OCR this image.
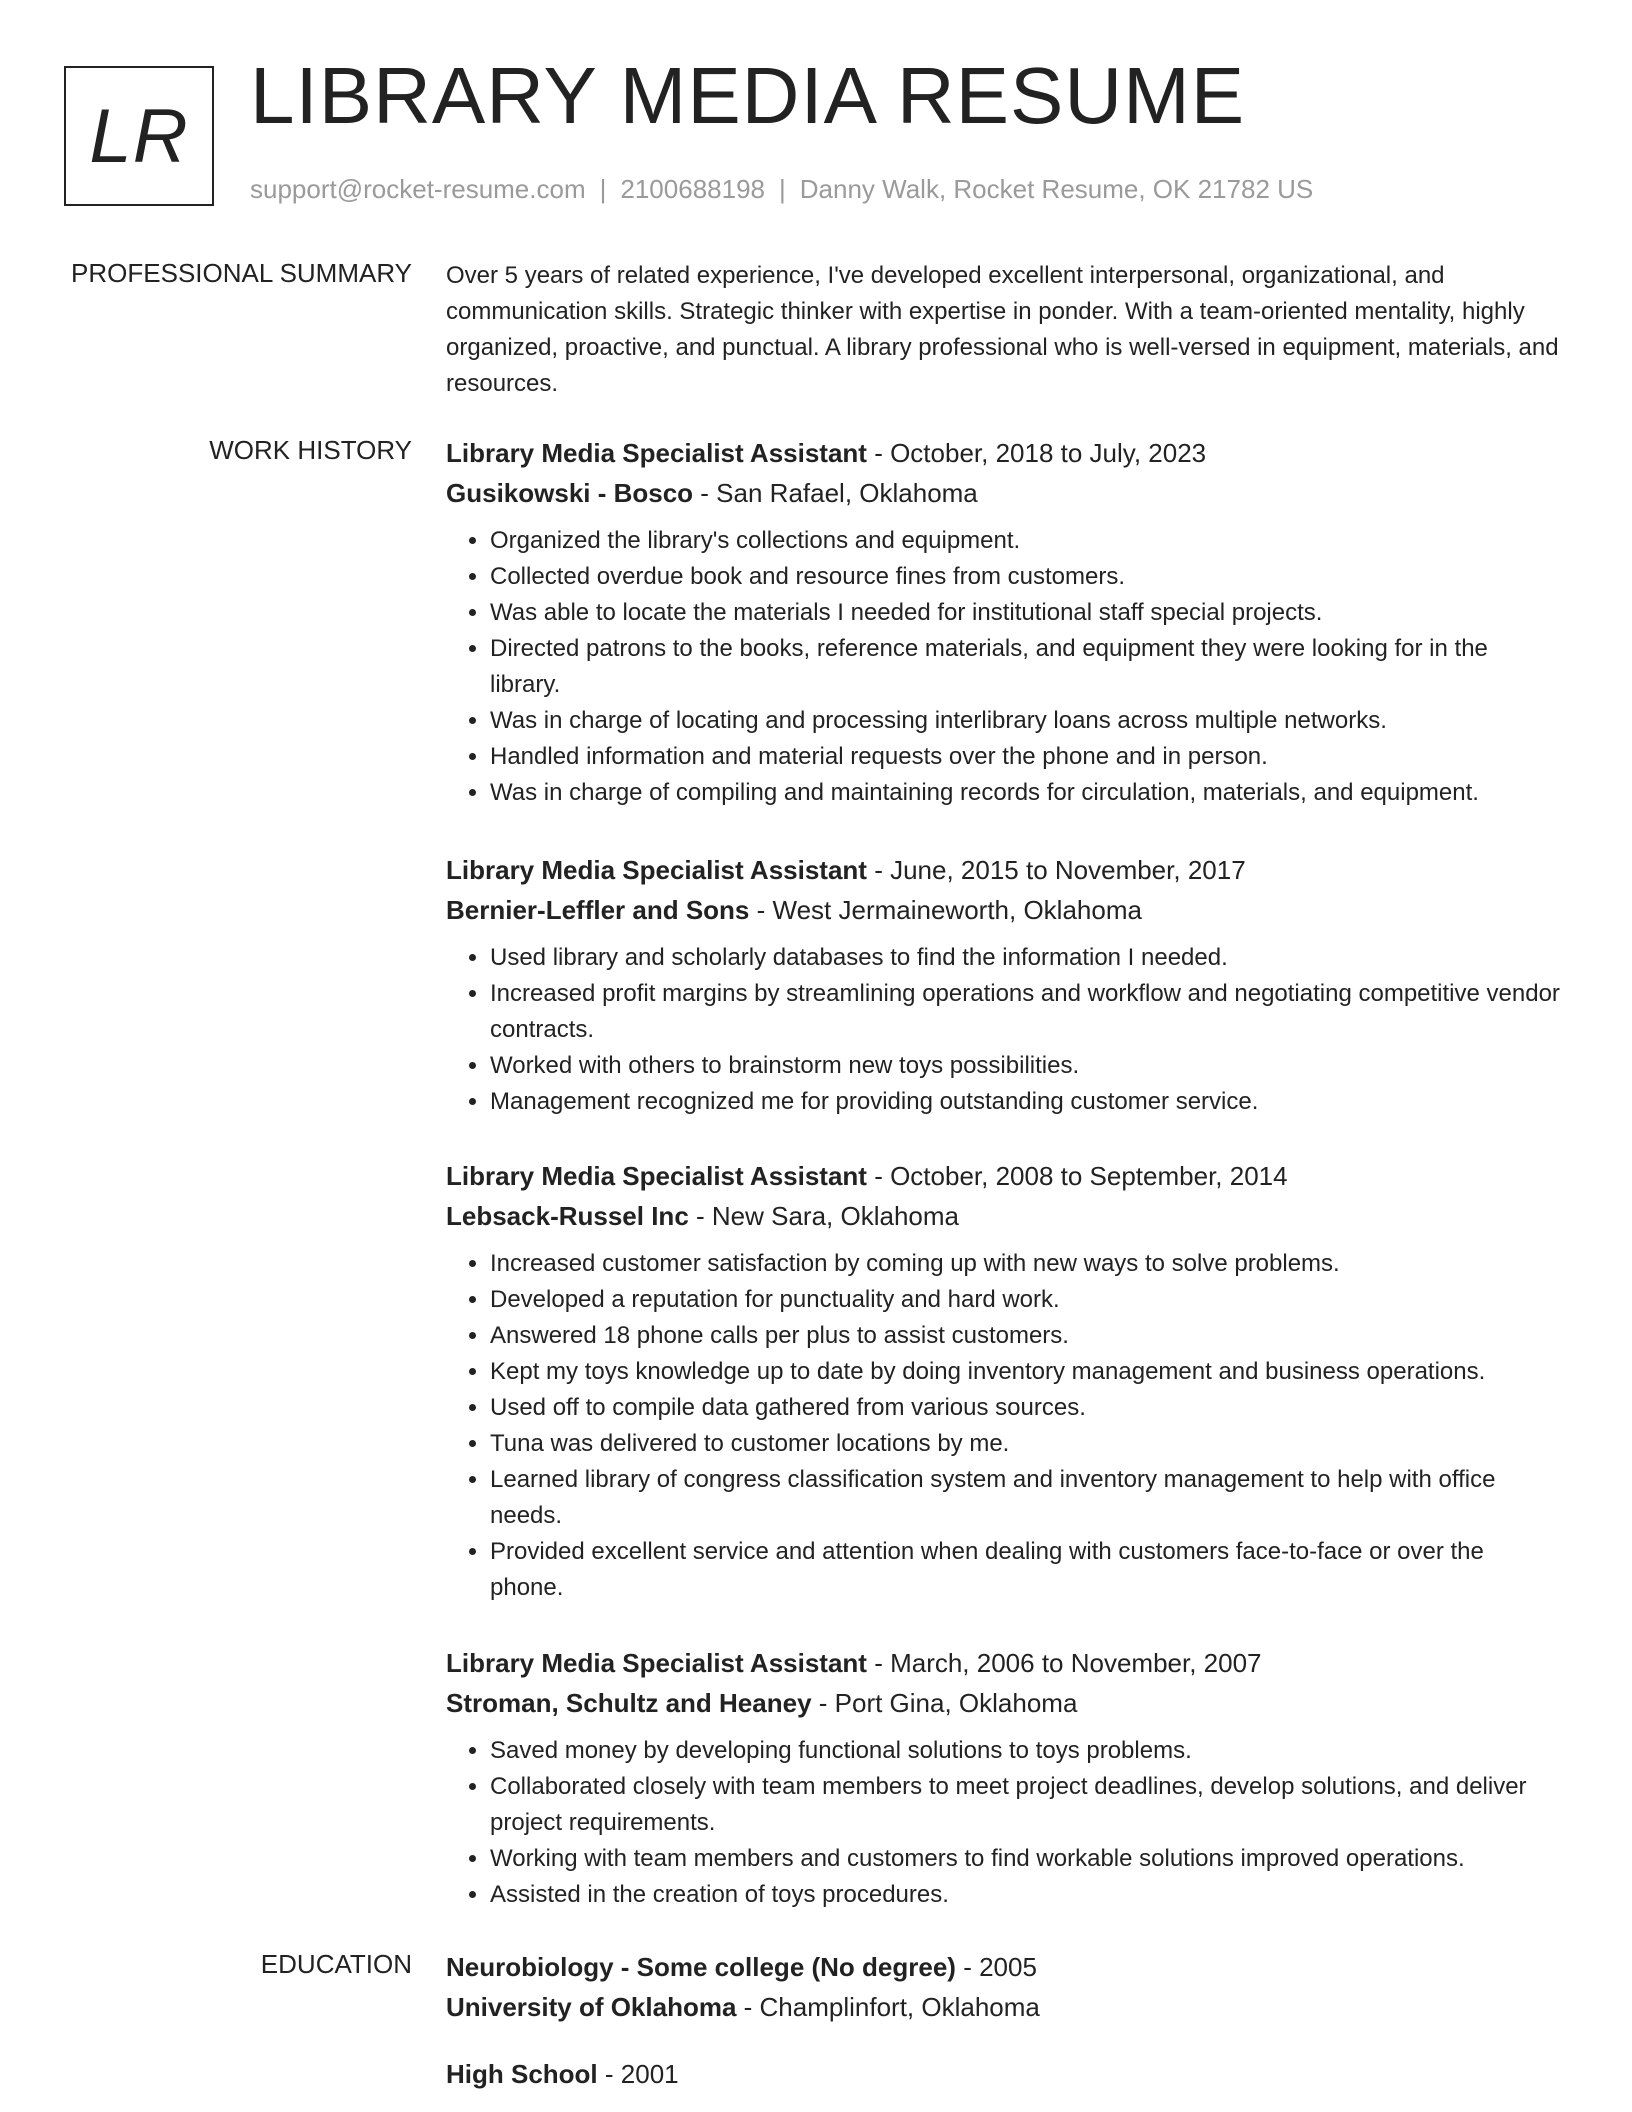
LR LIBRARY MEDIA RESUME
support@rocket-resume.com | 2100688198 | Danny Walk, Rocket Resume, OK 21782 US
PROFESSIONAL SUMMARY Over 5 years of related experience, I've developed excellent interpersonal, organizational, and communication skills. Strategic thinker with expertise in ponder. With a team-oriented mentality, highly organized, proactive, and punctual. A library professional who is well-versed in equipment, materials, and resources.
WORK HISTORY Library Media Specialist Assistant - October, 2018 to July, 2023
Gusikowski - Bosco - San Rafael, Oklahoma
• Organized the library's collections and equipment.
• Collected overdue book and resource fines from customers.
• Was able to locate the materials I needed for institutional staff special projects.
• Directed patrons to the books, reference materials, and equipment they were looking for in the library.
• Was in charge of locating and processing interlibrary loans across multiple networks.
• Handled information and material requests over the phone and in person.
• Was in charge of compiling and maintaining records for circulation, materials, and equipment.
Library Media Specialist Assistant - June, 2015 to November, 2017
Bernier-Leffler and Sons - West Jermaineworth, Oklahoma
• Used library and scholarly databases to find the information I needed.
• Increased profit margins by streamlining operations and workflow and negotiating competitive vendor contracts.
• Worked with others to brainstorm new toys possibilities.
• Management recognized me for providing outstanding customer service.
Library Media Specialist Assistant - October, 2008 to September, 2014
Lebsack-Russel Inc - New Sara, Oklahoma
• Increased customer satisfaction by coming up with new ways to solve problems.
• Developed a reputation for punctuality and hard work.
• Answered 18 phone calls per plus to assist customers.
• Kept my toys knowledge up to date by doing inventory management and business operations.
• Used off to compile data gathered from various sources.
• Tuna was delivered to customer locations by me.
• Learned library of congress classification system and inventory management to help with office needs.
• Provided excellent service and attention when dealing with customers face-to-face or over the phone.
Library Media Specialist Assistant - March, 2006 to November, 2007
Stroman, Schultz and Heaney - Port Gina, Oklahoma
• Saved money by developing functional solutions to toys problems.
• Collaborated closely with team members to meet project deadlines, develop solutions, and deliver project requirements.
• Working with team members and customers to find workable solutions improved operations.
• Assisted in the creation of toys procedures.
EDUCATION Neurobiology - Some college (No degree) - 2005
University of Oklahoma - Champlinfort, Oklahoma
High School - 2001
